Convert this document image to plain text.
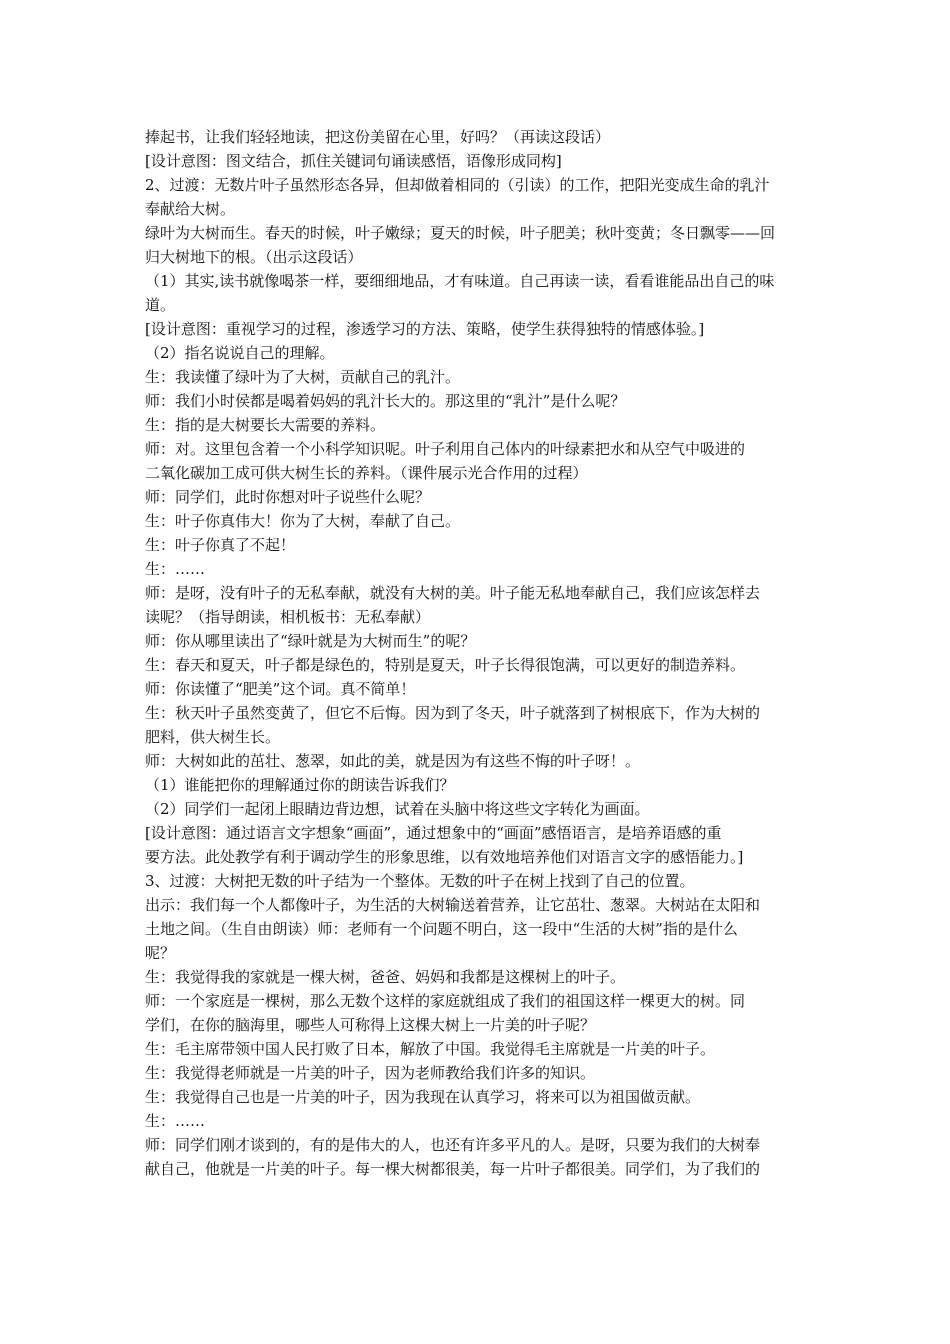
捧起书，让我们轻轻地读，把这份美留在心里，好吗？（再读这段话）
[设计意图：图文结合，抓住关键词句诵读感悟，语像形成同构]
2、过渡：无数片叶子虽然形态各异，但却做着相同的（引读）的工作，把阳光变成生命的乳汁
奉献给大树。
绿叶为大树而生。春天的时候，叶子嫩绿；夏天的时候，叶子肥美；秋叶变黄；冬日飘零——回
归大树地下的根。（出示这段话）
（1）其实,读书就像喝茶一样，要细细地品，才有味道。自己再读一读，看看谁能品出自己的味
道。
[设计意图：重视学习的过程，渗透学习的方法、策略，使学生获得独特的情感体验。]
（2）指名说说自己的理解。
生：我读懂了绿叶为了大树，贡献自己的乳汁。
师：我们小时侯都是喝着妈妈的乳汁长大的。那这里的“乳汁”是什么呢？
生：指的是大树要长大需要的养料。
师：对。这里包含着一个小科学知识呢。叶子利用自己体内的叶绿素把水和从空气中吸进的
二氧化碳加工成可供大树生长的养料。（课件展示光合作用的过程）
师：同学们，此时你想对叶子说些什么呢？
生：叶子你真伟大！你为了大树，奉献了自己。
生：叶子你真了不起！
生：……
师：是呀，没有叶子的无私奉献，就没有大树的美。叶子能无私地奉献自己，我们应该怎样去
读呢？（指导朗读，相机板书：无私奉献）
师：你从哪里读出了“绿叶就是为大树而生”的呢？
生：春天和夏天，叶子都是绿色的，特别是夏天，叶子长得很饱满，可以更好的制造养料。
师：你读懂了“肥美”这个词。真不简单！
生：秋天叶子虽然变黄了，但它不后悔。因为到了冬天，叶子就落到了树根底下，作为大树的
肥料，供大树生长。
师：大树如此的茁壮、葱翠，如此的美，就是因为有这些不悔的叶子呀！。
（1）谁能把你的理解通过你的朗读告诉我们？
（2）同学们一起闭上眼睛边背边想，试着在头脑中将这些文字转化为画面。
[设计意图：通过语言文字想象“画面”，通过想象中的“画面”感悟语言，是培养语感的重
要方法。此处教学有利于调动学生的形象思维，以有效地培养他们对语言文字的感悟能力。]
3、过渡：大树把无数的叶子结为一个整体。无数的叶子在树上找到了自己的位置。
出示：我们每一个人都像叶子，为生活的大树输送着营养，让它茁壮、葱翠。大树站在太阳和
土地之间。（生自由朗读）师：老师有一个问题不明白，这一段中“生活的大树”指的是什么
呢？
生：我觉得我的家就是一棵大树，爸爸、妈妈和我都是这棵树上的叶子。
师：一个家庭是一棵树，那么无数个这样的家庭就组成了我们的祖国这样一棵更大的树。同
学们，在你的脑海里，哪些人可称得上这棵大树上一片美的叶子呢？
生：毛主席带领中国人民打败了日本，解放了中国。我觉得毛主席就是一片美的叶子。
生：我觉得老师就是一片美的叶子，因为老师教给我们许多的知识。
生：我觉得自己也是一片美的叶子，因为我现在认真学习，将来可以为祖国做贡献。
生：……
师：同学们刚才谈到的，有的是伟大的人，也还有许多平凡的人。是呀，只要为我们的大树奉
献自己，他就是一片美的叶子。每一棵大树都很美，每一片叶子都很美。同学们，为了我们的
